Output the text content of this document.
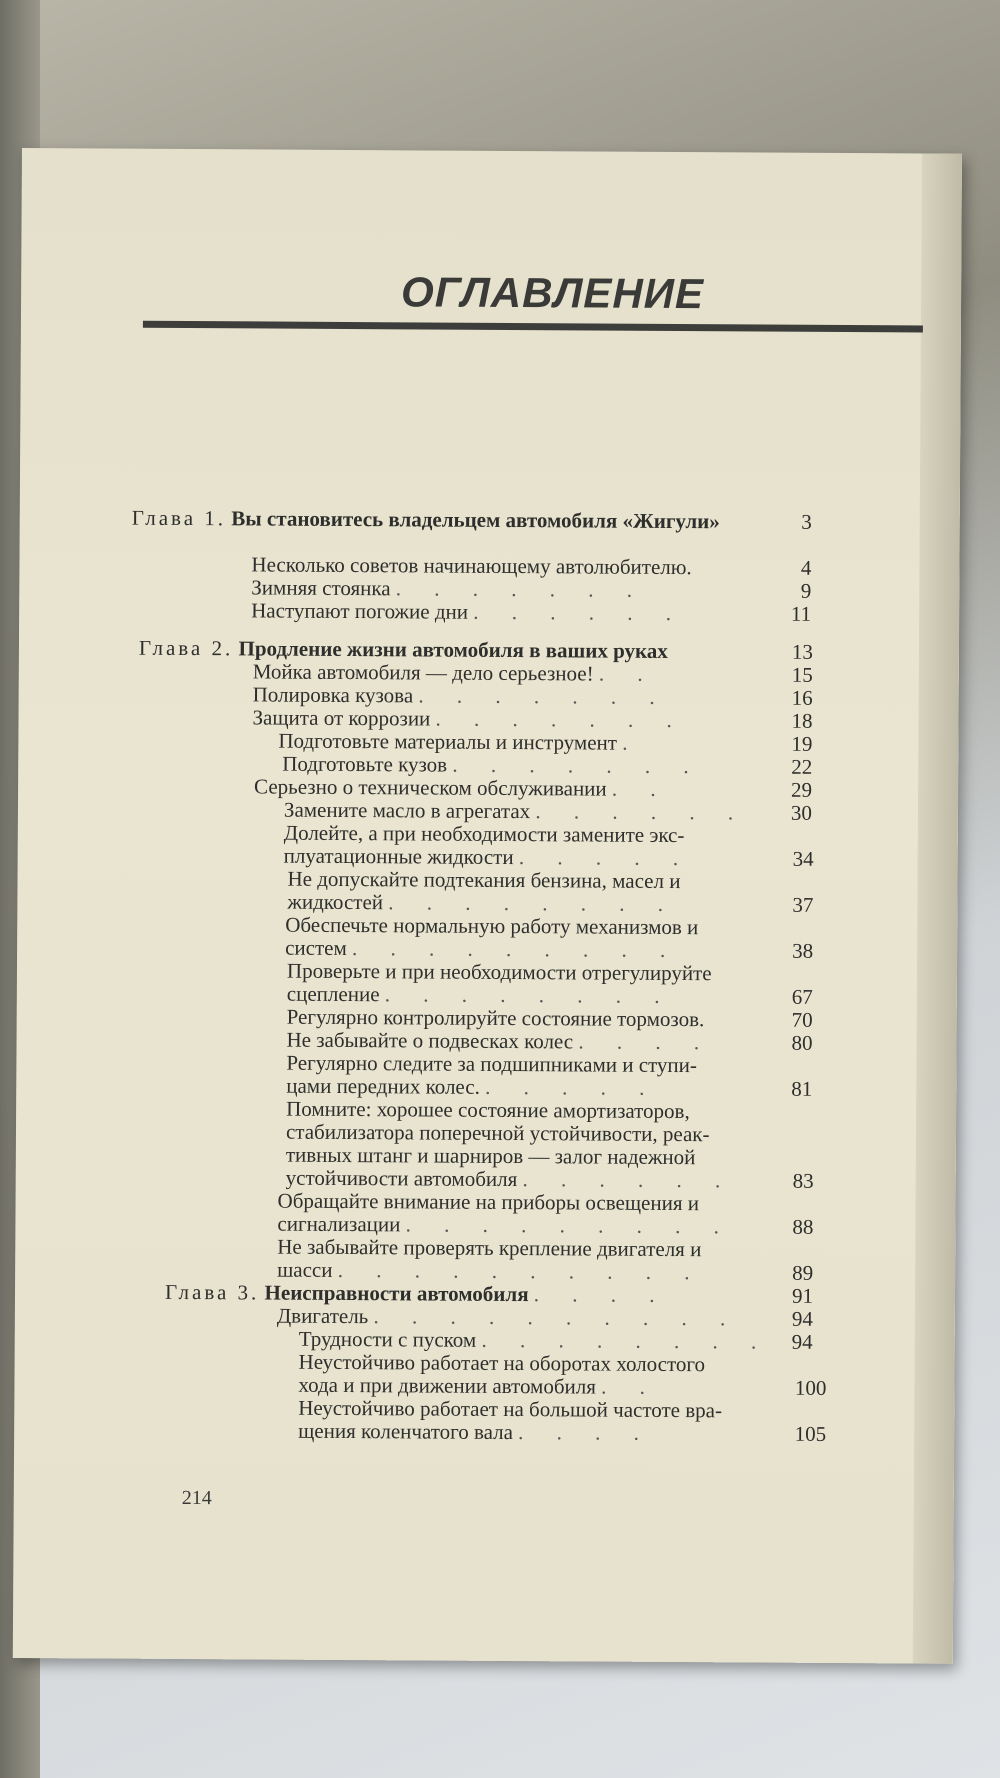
ОГЛАВЛЕНИЕ
Глава 1. Вы становитесь владельцем автомобиля «Жигули»	3
Несколько советов начинающему автолюбителю.	4
Зимняя стоянка . . . . . . .	9
Наступают погожие дни . . . . . .	11
Глава 2. Продление жизни автомобиля в ваших руках	13
Мойка автомобиля — дело серьезное! . .	15
Полировка кузова . . . . . . .	16
Защита от коррозии . . . . . . .	18
Подготовьте материалы и инструмент .	19
Подготовьте кузов . . . . . . .	22
Серьезно о техническом обслуживании . .	29
Замените масло в агрегатах . . . . . .	30
Долейте, а при необходимости замените экс-
плуатационные жидкости . . . . .	34
Не допускайте подтекания бензина, масел и
жидкостей . . . . . . . .	37
Обеспечьте нормальную работу механизмов и
систем . . . . . . . . .	38
Проверьте и при необходимости отрегулируйте
сцепление . . . . . . . .	67
Регулярно контролируйте состояние тормозов.	70
Не забывайте о подвесках колес . . . .	80
Регулярно следите за подшипниками и ступи-
цами передних колес. . . . . .	81
Помните: хорошее состояние амортизаторов,
стабилизатора поперечной устойчивости, реак-
тивных штанг и шарниров — залог надежной
устойчивости автомобиля . . . . . .	83
Обращайте внимание на приборы освещения и
сигнализации . . . . . . . . .	88
Не забывайте проверять крепление двигателя и
шасси . . . . . . . . . .	89
Глава 3. Неисправности автомобиля . . . .	91
Двигатель . . . . . . . . . .	94
Трудности с пуском . . . . . . . .	94
Неустойчиво работает на оборотах холостого
хода и при движении автомобиля . .	100
Неустойчиво работает на большой частоте вра-
щения коленчатого вала . . . .	105
214
